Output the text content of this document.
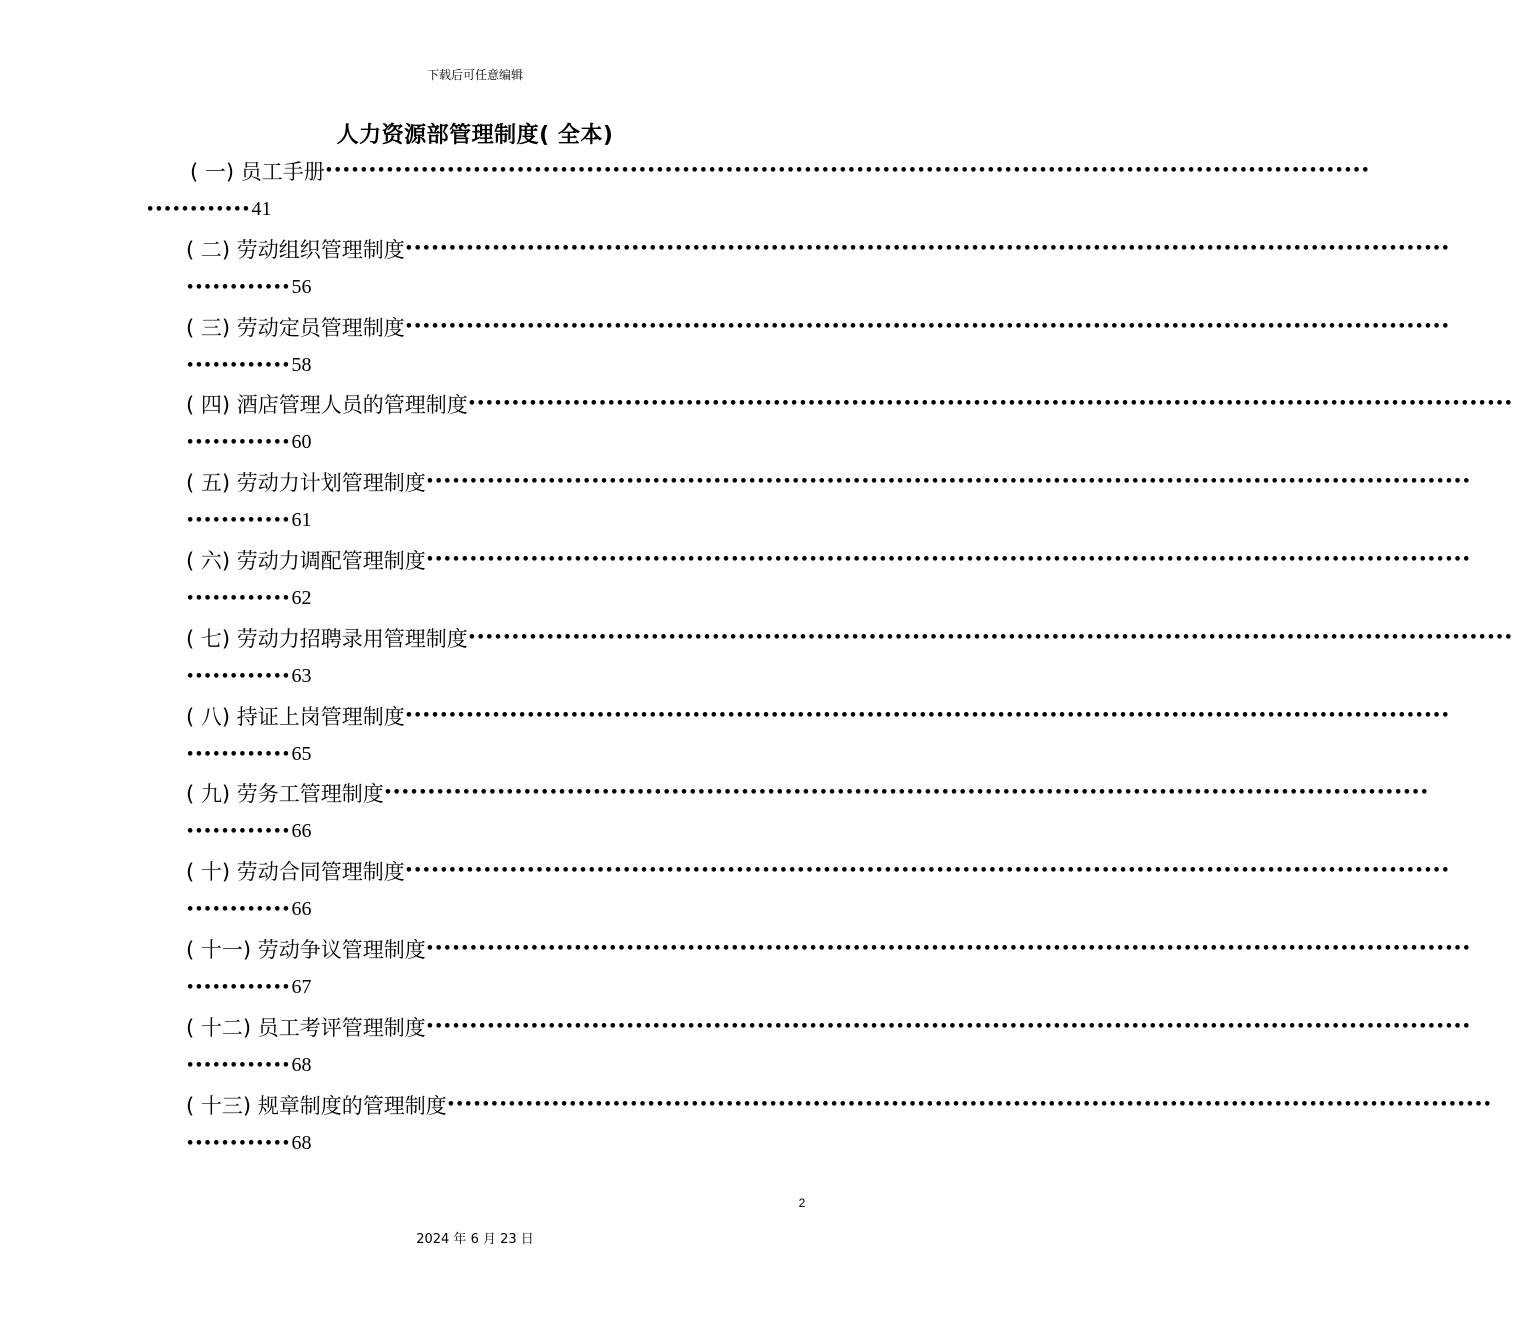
下载后可任意编辑
人力资源部管理制度( 全本)
( 一) 员工手册 ••••••••••••••••••••••••••••••••••••••••••••••••••••••••••••••••••••••••••••••••••••••••••••••••••••••••••••••••••••••••
•••••••••••• 41
( 二) 劳动组织管理制度 ••••••••••••••••••••••••••••••••••••••••••••••••••••••••••••••••••••••••••••••••••••••••••••••••••••••••••••••••••••••••
•••••••••••• 56
( 三) 劳动定员管理制度 ••••••••••••••••••••••••••••••••••••••••••••••••••••••••••••••••••••••••••••••••••••••••••••••••••••••••••••••••••••••••
•••••••••••• 58
( 四) 酒店管理人员的管理制度 ••••••••••••••••••••••••••••••••••••••••••••••••••••••••••••••••••••••••••••••••••••••••••••••••••••••••••••••••••••••••
•••••••••••• 60
( 五) 劳动力计划管理制度 ••••••••••••••••••••••••••••••••••••••••••••••••••••••••••••••••••••••••••••••••••••••••••••••••••••••••••••••••••••••••
•••••••••••• 61
( 六) 劳动力调配管理制度 ••••••••••••••••••••••••••••••••••••••••••••••••••••••••••••••••••••••••••••••••••••••••••••••••••••••••••••••••••••••••
•••••••••••• 62
( 七) 劳动力招聘录用管理制度 ••••••••••••••••••••••••••••••••••••••••••••••••••••••••••••••••••••••••••••••••••••••••••••••••••••••••••••••••••••••••
•••••••••••• 63
( 八) 持证上岗管理制度 ••••••••••••••••••••••••••••••••••••••••••••••••••••••••••••••••••••••••••••••••••••••••••••••••••••••••••••••••••••••••
•••••••••••• 65
( 九) 劳务工管理制度 ••••••••••••••••••••••••••••••••••••••••••••••••••••••••••••••••••••••••••••••••••••••••••••••••••••••••••••••••••••••••
•••••••••••• 66
( 十) 劳动合同管理制度 ••••••••••••••••••••••••••••••••••••••••••••••••••••••••••••••••••••••••••••••••••••••••••••••••••••••••••••••••••••••••
•••••••••••• 66
( 十一) 劳动争议管理制度 ••••••••••••••••••••••••••••••••••••••••••••••••••••••••••••••••••••••••••••••••••••••••••••••••••••••••••••••••••••••••
•••••••••••• 67
( 十二) 员工考评管理制度 ••••••••••••••••••••••••••••••••••••••••••••••••••••••••••••••••••••••••••••••••••••••••••••••••••••••••••••••••••••••••
•••••••••••• 68
( 十三) 规章制度的管理制度 ••••••••••••••••••••••••••••••••••••••••••••••••••••••••••••••••••••••••••••••••••••••••••••••••••••••••••••••••••••••••
•••••••••••• 68
2
2024 年 6 月 23 日
